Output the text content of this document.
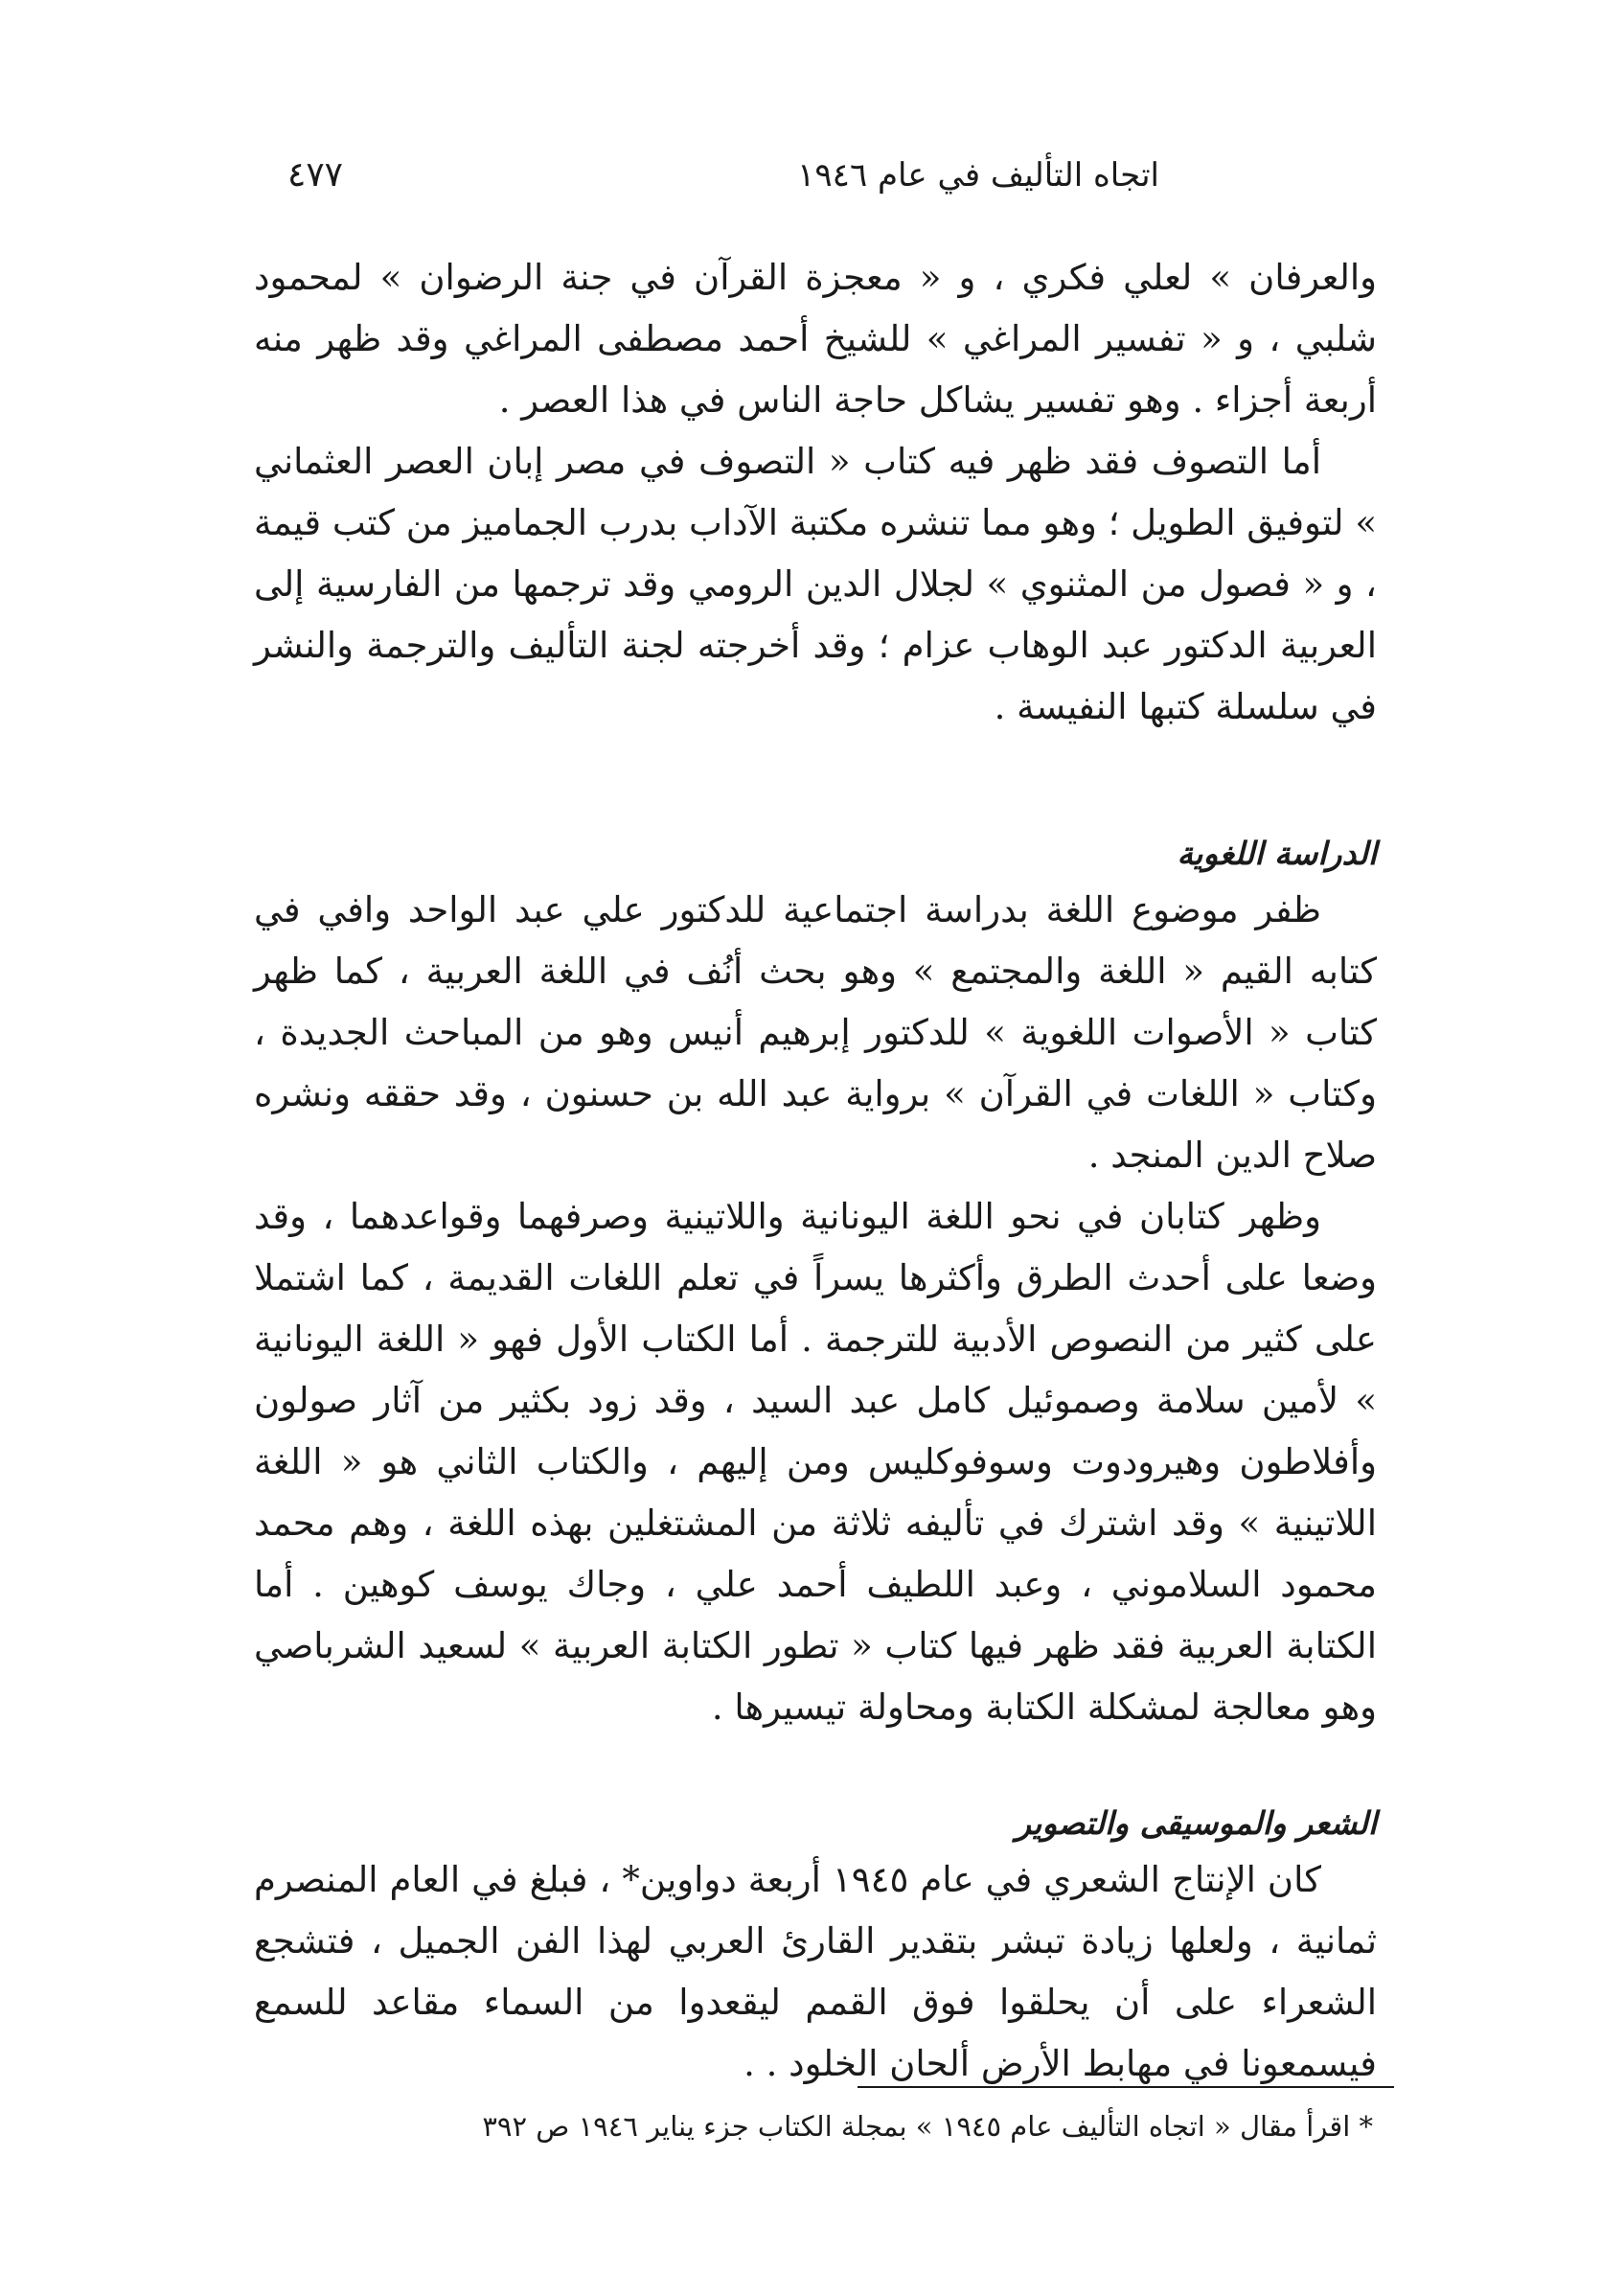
اتجاه التأليف في عام ١٩٤٦
٤٧٧

والعرفان » لعلي فكري ، و « معجزة القرآن في جنة الرضوان » لمحمود شلبي ، و « تفسير المراغي » للشيخ أحمد مصطفى المراغي وقد ظهر منه أربعة أجزاء . وهو تفسير يشاكل حاجة الناس في هذا العصر .

أما التصوف فقد ظهر فيه كتاب « التصوف في مصر إبان العصر العثماني » لتوفيق الطويل ؛ وهو مما تنشره مكتبة الآداب بدرب الجماميز من كتب قيمة ، و « فصول من المثنوي » لجلال الدين الرومي وقد ترجمها من الفارسية إلى العربية الدكتور عبد الوهاب عزام ؛ وقد أخرجته لجنة التأليف والترجمة والنشر في سلسلة كتبها النفيسة .

الدراسة اللغوية

ظفر موضوع اللغة بدراسة اجتماعية للدكتور علي عبد الواحد وافي في كتابه القيم « اللغة والمجتمع » وهو بحث أنُف في اللغة العربية ، كما ظهر كتاب « الأصوات اللغوية » للدكتور إبرهيم أنيس وهو من المباحث الجديدة ، وكتاب « اللغات في القرآن » برواية عبد الله بن حسنون ، وقد حققه ونشره صلاح الدين المنجد .

وظهر كتابان في نحو اللغة اليونانية واللاتينية وصرفهما وقواعدهما ، وقد وضعا على أحدث الطرق وأكثرها يسراً في تعلم اللغات القديمة ، كما اشتملا على كثير من النصوص الأدبية للترجمة . أما الكتاب الأول فهو « اللغة اليونانية » لأمين سلامة وصموئيل كامل عبد السيد ، وقد زود بكثير من آثار صولون وأفلاطون وهيرودوت وسوفوكليس ومن إليهم ، والكتاب الثاني هو « اللغة اللاتينية » وقد اشترك في تأليفه ثلاثة من المشتغلين بهذه اللغة ، وهم محمد محمود السلاموني ، وعبد اللطيف أحمد علي ، وجاك يوسف كوهين . أما الكتابة العربية فقد ظهر فيها كتاب « تطور الكتابة العربية » لسعيد الشرباصي وهو معالجة لمشكلة الكتابة ومحاولة تيسيرها .

الشعر والموسيقى والتصوير

كان الإنتاج الشعري في عام ١٩٤٥ أربعة دواوين* ، فبلغ في العام المنصرم ثمانية ، ولعلها زيادة تبشر بتقدير القارئ العربي لهذا الفن الجميل ، فتشجع الشعراء على أن يحلقوا فوق القمم ليقعدوا من السماء مقاعد للسمع فيسمعونا في مهابط الأرض ألحان الخلود . .

* اقرأ مقال « اتجاه التأليف عام ١٩٤٥ » بمجلة الكتاب جزء يناير ١٩٤٦ ص ٣٩٢
